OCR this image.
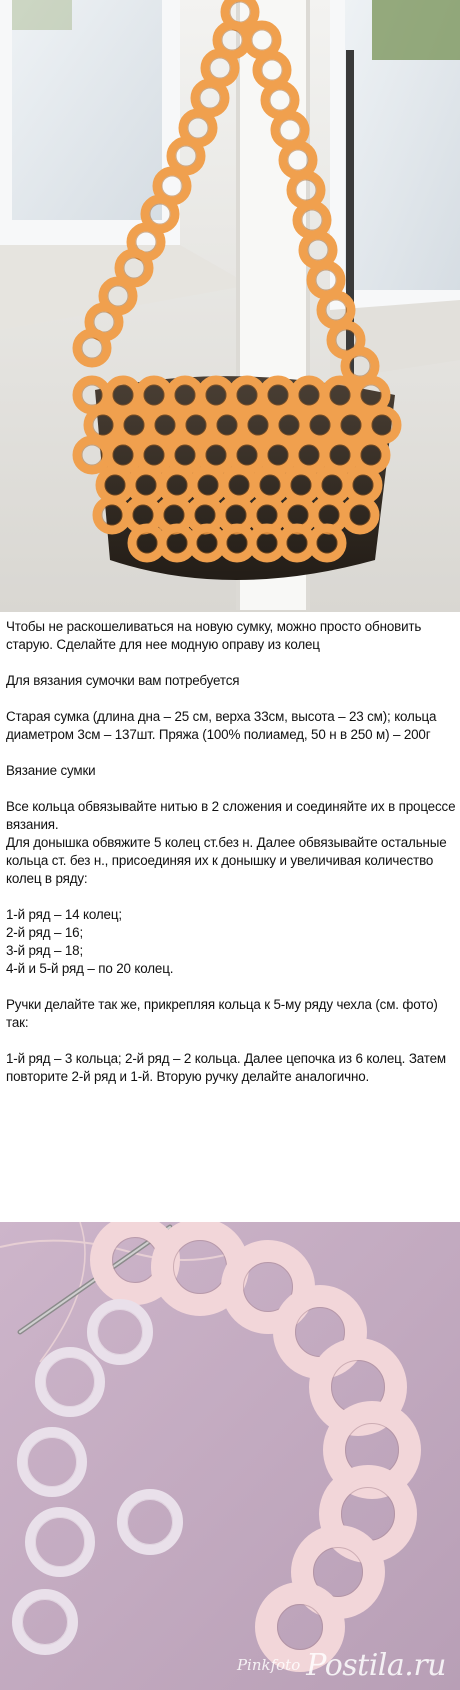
Чтобы не раскошеливаться на новую сумку, можно просто обновить старую. Сделайте для нее модную оправу из колец

Для вязания сумочки вам потребуется

Старая сумка (длина дна – 25 см, верха 33см, высота – 23 см); кольца диаметром 3см – 137шт. Пряжа (100% полиамед, 50 н в 250 м) – 200г

Вязание сумки

Все кольца обвязывайте нитью в 2 сложения и соединяйте их в процессе вязания.

Для донышка обвяжите 5 колец ст.без н. Далее обвязывайте остальные кольца ст. без н., присоединяя их к донышку и увеличивая количество колец в ряду:

1-й ряд – 14 колец;
2-й ряд – 16;
3-й ряд – 18;
4-й и 5-й ряд – по 20 колец.

Ручки делайте так же, прикрепляя кольца к 5-му ряду чехла (см. фото) так:

1-й ряд – 3 кольца; 2-й ряд – 2 кольца. Далее цепочка из 6 колец. Затем повторите 2-й ряд и 1-й. Вторую ручку делайте аналогично.

Pinkfoto Postila.ru
